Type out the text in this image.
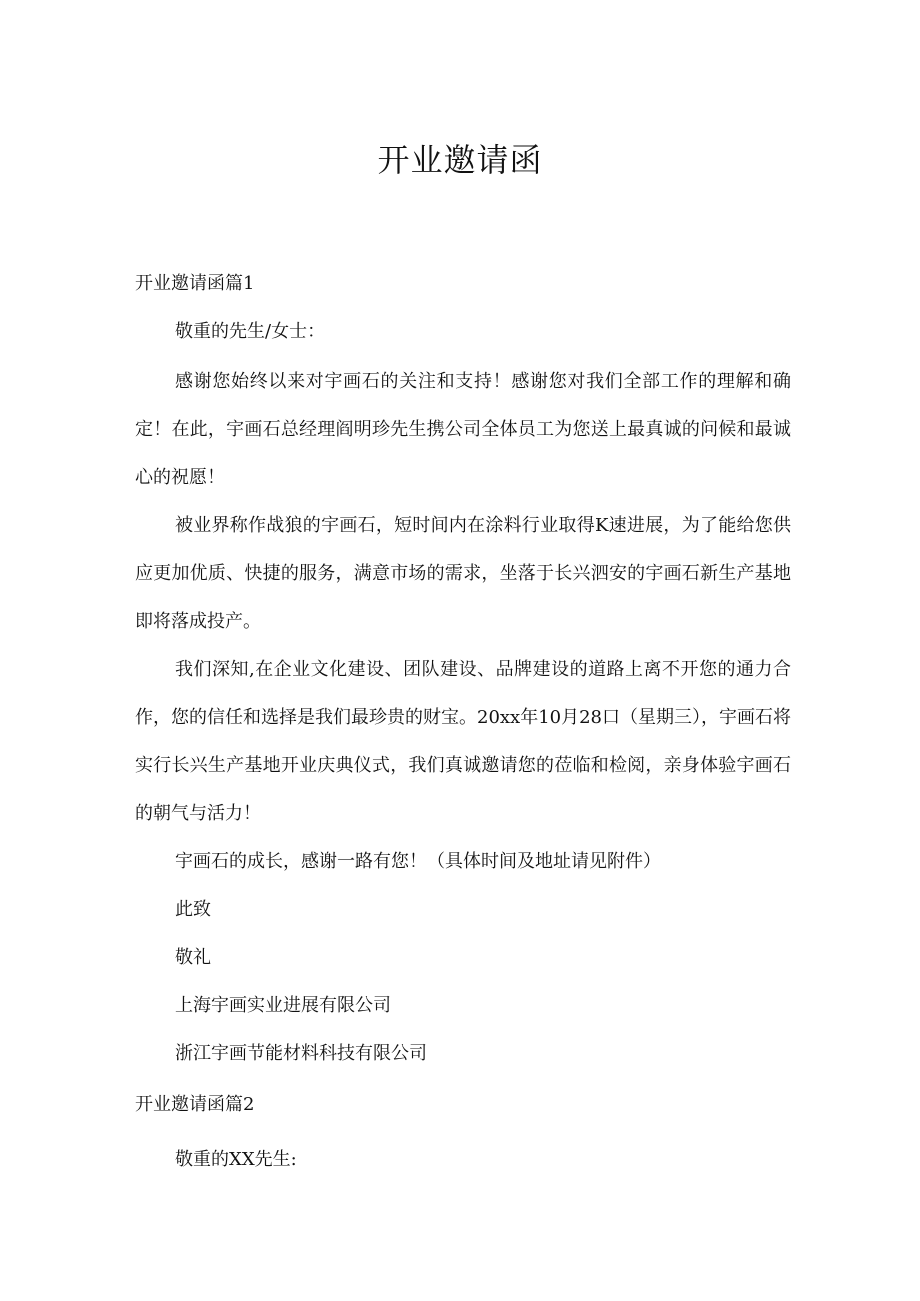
开业邀请函
开业邀请函篇1
敬重的先生/女士：
感谢您始终以来对宇画石的关注和支持！感谢您对我们全部工作的理解和确定！在此，宇画石总经理阎明珍先生携公司全体员工为您送上最真诚的问候和最诚心的祝愿！
被业界称作战狼的宇画石，短时间内在涂料行业取得K速进展，为了能给您供应更加优质、快捷的服务，满意市场的需求，坐落于长兴泗安的宇画石新生产基地即将落成投产。
我们深知,在企业文化建设、团队建设、品牌建设的道路上离不开您的通力合作，您的信任和选择是我们最珍贵的财宝。20xx年10月28口（星期三），宇画石将实行长兴生产基地开业庆典仪式，我们真诚邀请您的莅临和检阅，亲身体验宇画石的朝气与活力！
宇画石的成长，感谢一路有您！（具体时间及地址请见附件）
此致
敬礼
上海宇画实业进展有限公司
浙江宇画节能材料科技有限公司
开业邀请函篇2
敬重的XX先生:
